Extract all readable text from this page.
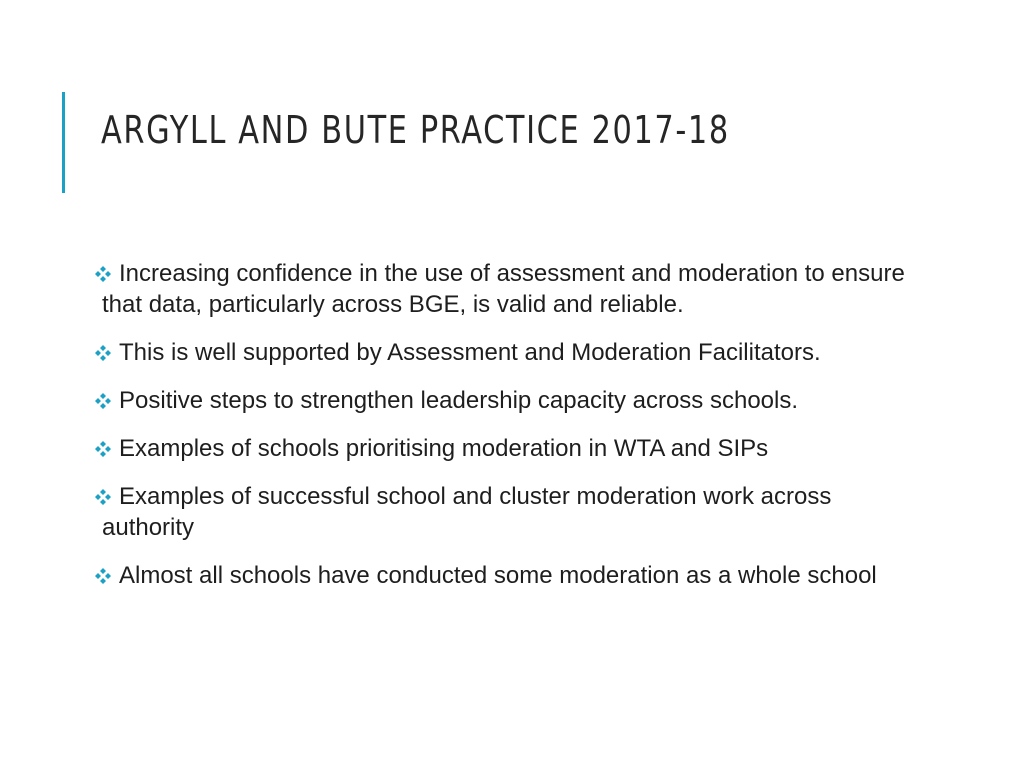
ARGYLL AND BUTE PRACTICE 2017-18
Increasing confidence in the use of assessment and moderation to ensure that data, particularly across BGE, is valid and reliable.
This is well supported by Assessment and Moderation Facilitators.
Positive steps to strengthen leadership capacity across schools.
Examples of schools prioritising moderation in WTA and SIPs
Examples of successful school and cluster moderation work across authority
Almost all schools have conducted some moderation as a whole school
